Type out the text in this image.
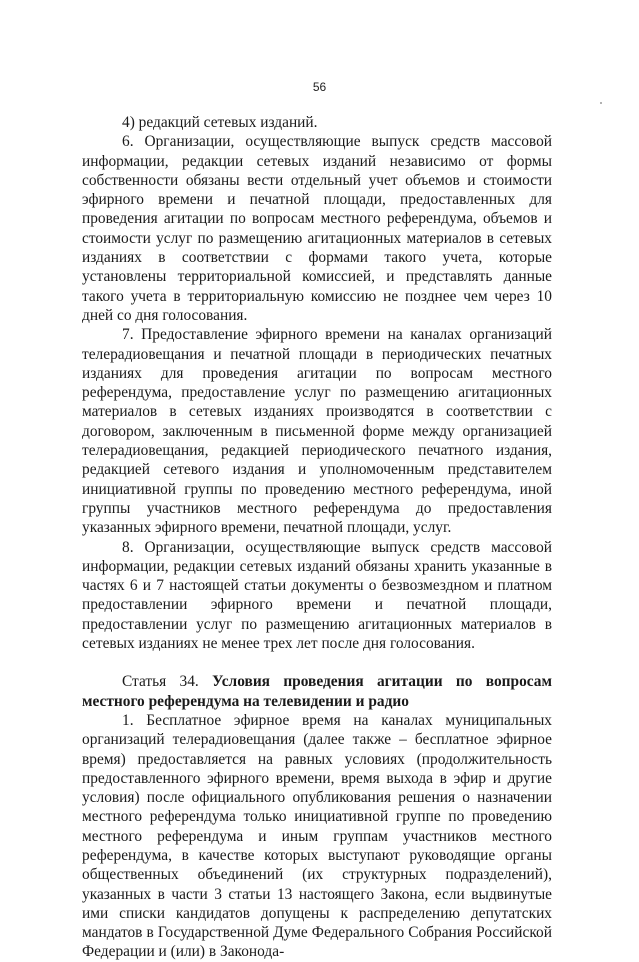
56

4) редакций сетевых изданий.

6. Организации, осуществляющие выпуск средств массовой информации, редакции сетевых изданий независимо от формы собственности обязаны вести отдельный учет объемов и стоимости эфирного времени и печатной площади, предоставленных для проведения агитации по вопросам местного референдума, объемов и стоимости услуг по размещению агитационных материалов в сетевых изданиях в соответствии с формами такого учета, которые установлены территориальной комиссией, и представлять данные такого учета в территориальную комиссию не позднее чем через 10 дней со дня голосования.

7. Предоставление эфирного времени на каналах организаций телерадиовещания и печатной площади в периодических печатных изданиях для проведения агитации по вопросам местного референдума, предоставление услуг по размещению агитационных материалов в сетевых изданиях производятся в соответствии с договором, заключенным в письменной форме между организацией телерадиовещания, редакцией периодического печатного издания, редакцией сетевого издания и уполномоченным представителем инициативной группы по проведению местного референдума, иной группы участников местного референдума до предоставления указанных эфирного времени, печатной площади, услуг.

8. Организации, осуществляющие выпуск средств массовой информации, редакции сетевых изданий обязаны хранить указанные в частях 6 и 7 настоящей статьи документы о безвозмездном и платном предоставлении эфирного времени и печатной площади, предоставлении услуг по размещению агитационных материалов в сетевых изданиях не менее трех лет после дня голосования.

Статья 34. Условия проведения агитации по вопросам местного референдума на телевидении и радио

1. Бесплатное эфирное время на каналах муниципальных организаций телерадиовещания (далее также – бесплатное эфирное время) предоставляется на равных условиях (продолжительность предоставленного эфирного времени, время выхода в эфир и другие условия) после официального опубликования решения о назначении местного референдума только инициативной группе по проведению местного референдума и иным группам участников местного референдума, в качестве которых выступают руководящие органы общественных объединений (их структурных подразделений), указанных в части 3 статьи 13 настоящего Закона, если выдвинутые ими списки кандидатов допущены к распределению депутатских мандатов в Государственной Думе Федерального Собрания Российской Федерации и (или) в Законода-
